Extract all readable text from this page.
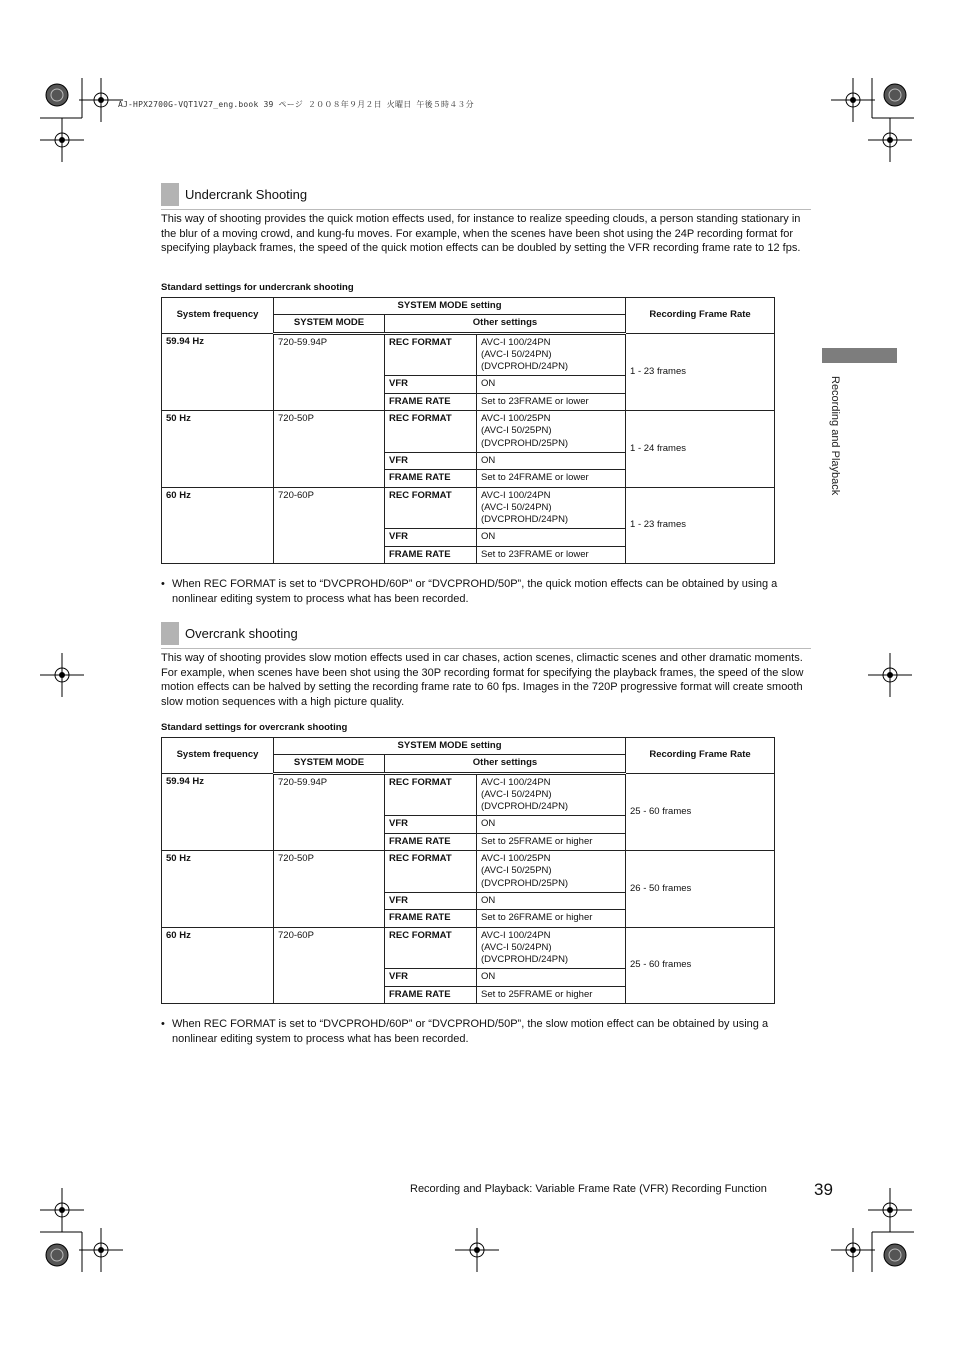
AJ-HPX2700G-VQT1V27_eng.book 39 ページ ２００８年９月２日 火曜日 午後５時４３分
Recording and Playback
Undercrank Shooting
This way of shooting provides the quick motion effects used, for instance to realize speeding clouds, a person standing stationary in the blur of a moving crowd, and kung-fu moves. For example, when the scenes have been shot using the 24P recording format for specifying playback frames, the speed of the quick motion effects can be doubled by setting the VFR recording frame rate to 12 fps.
Standard settings for undercrank shooting
System frequency	SYSTEM MODE setting			Recording Frame Rate
	SYSTEM MODE	Other settings		
59.94 Hz	720-59.94P	REC FORMAT	AVC-I 100/24PN
(AVC-I 50/24PN)
(DVCPROHD/24PN)	1 - 23 frames
		VFR	ON	
		FRAME RATE	Set to 23FRAME or lower	
50 Hz	720-50P	REC FORMAT	AVC-I 100/25PN
(AVC-I 50/25PN)
(DVCPROHD/25PN)	1 - 24 frames
		VFR	ON	
		FRAME RATE	Set to 24FRAME or lower	
60 Hz	720-60P	REC FORMAT	AVC-I 100/24PN
(AVC-I 50/24PN)
(DVCPROHD/24PN)	1 - 23 frames
		VFR	ON	
		FRAME RATE	Set to 23FRAME or lower	
• When REC FORMAT is set to “DVCPROHD/60P” or “DVCPROHD/50P”, the quick motion effects can be obtained by using a nonlinear editing system to process what has been recorded.
Overcrank shooting
This way of shooting provides slow motion effects used in car chases, action scenes, climactic scenes and other dramatic moments. For example, when scenes have been shot using the 30P recording format for specifying the playback frames, the speed of the slow motion effects can be halved by setting the recording frame rate to 60 fps. Images in the 720P progressive format will create smooth slow motion sequences with a high picture quality.
Standard settings for overcrank shooting
System frequency	SYSTEM MODE setting			Recording Frame Rate
	SYSTEM MODE	Other settings		
59.94 Hz	720-59.94P	REC FORMAT	AVC-I 100/24PN
(AVC-I 50/24PN)
(DVCPROHD/24PN)	25 - 60 frames
		VFR	ON	
		FRAME RATE	Set to 25FRAME or higher	
50 Hz	720-50P	REC FORMAT	AVC-I 100/25PN
(AVC-I 50/25PN)
(DVCPROHD/25PN)	26 - 50 frames
		VFR	ON	
		FRAME RATE	Set to 26FRAME or higher	
60 Hz	720-60P	REC FORMAT	AVC-I 100/24PN
(AVC-I 50/24PN)
(DVCPROHD/24PN)	25 - 60 frames
		VFR	ON	
		FRAME RATE	Set to 25FRAME or higher	
• When REC FORMAT is set to “DVCPROHD/60P” or “DVCPROHD/50P”, the slow motion effect can be obtained by using a nonlinear editing system to process what has been recorded.
Recording and Playback: Variable Frame Rate (VFR) Recording Function	39
